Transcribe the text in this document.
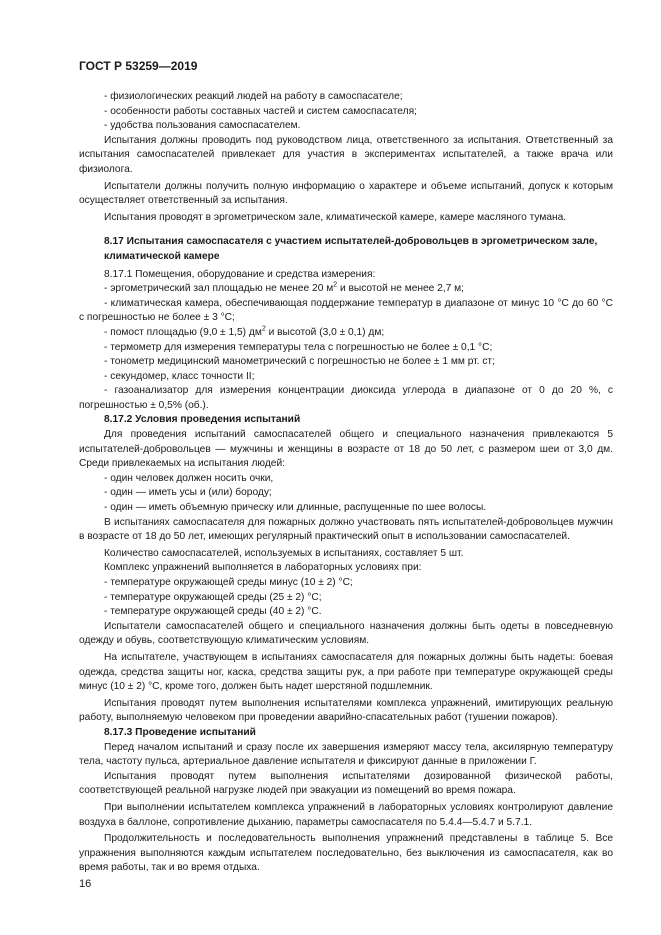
ГОСТ Р 53259—2019

- физиологических реакций людей на работу в самоспасателе;

- особенности работы составных частей и систем самоспасателя;

- удобства пользования самоспасателем.

Испытания должны проводить под руководством лица, ответственного за испытания. Ответственный за испытания самоспасателей привлекает для участия в экспериментах испытателей, а также врача или физиолога.

Испытатели должны получить полную информацию о характере и объеме испытаний, допуск к которым осуществляет ответственный за испытания.

Испытания проводят в эргометрическом зале, климатической камере, камере масляного тумана.

8.17 Испытания самоспасателя с участием испытателей-добровольцев в эргометрическом зале, климатической камере

8.17.1 Помещения, оборудование и средства измерения:

- эргометрический зал площадью не менее 20 $м^2$ и высотой не менее 2,7 м;

- климатическая камера, обеспечивающая поддержание температур в диапазоне от минус 10 °C до 60 °C с погрешностью не более ± 3 °C;

- помост площадью (9,0 ± 1,5) $дм^2$ и высотой (3,0 ± 0,1) дм;

- термометр для измерения температуры тела с погрешностью не более ± 0,1 °C;

- тонометр медицинский манометрический с погрешностью не более ± 1 мм рт. ст;

- секундомер, класс точности II;

- газоанализатор для измерения концентрации диоксида углерода в диапазоне от 0 до 20 %, с погрешностью ± 0,5% (об.).

8.17.2 Условия проведения испытаний

Для проведения испытаний самоспасателей общего и специального назначения привлекаются 5 испытателей-добровольцев — мужчины и женщины в возрасте от 18 до 50 лет, с размером шеи от 3,0 дм. Среди привлекаемых на испытания людей:

- один человек должен носить очки,

- один — иметь усы и (или) бороду;

- один — иметь объемную прическу или длинные, распущенные по шее волосы.

В испытаниях самоспасателя для пожарных должно участвовать пять испытателей-добровольцев мужчин в возрасте от 18 до 50 лет, имеющих регулярный практический опыт в использовании самоспасателей.

Количество самоспасателей, используемых в испытаниях, составляет 5 шт.

Комплекс упражнений выполняется в лабораторных условиях при:

- температуре окружающей среды минус (10 ± 2) °C;

- температуре окружающей среды (25 ± 2) °C;

- температуре окружающей среды (40 ± 2) °C.

Испытатели самоспасателей общего и специального назначения должны быть одеты в повседневную одежду и обувь, соответствующую климатическим условиям.

На испытателе, участвующем в испытаниях самоспасателя для пожарных должны быть надеты: боевая одежда, средства защиты ног, каска, средства защиты рук, а при работе при температуре окружающей среды минус (10 ± 2) °C, кроме того, должен быть надет шерстяной подшлемник.

Испытания проводят путем выполнения испытателями комплекса упражнений, имитирующих реальную работу, выполняемую человеком при проведении аварийно-спасательных работ (тушении пожаров).

8.17.3 Проведение испытаний

Перед началом испытаний и сразу после их завершения измеряют массу тела, аксилярную температуру тела, частоту пульса, артериальное давление испытателя и фиксируют данные в приложении Г.

Испытания проводят путем выполнения испытателями дозированной физической работы, соответствующей реальной нагрузке людей при эвакуации из помещений во время пожара.

При выполнении испытателем комплекса упражнений в лабораторных условиях контролируют давление воздуха в баллоне, сопротивление дыханию, параметры самоспасателя по 5.4.4—5.4.7 и 5.7.1.

Продолжительность и последовательность выполнения упражнений представлены в таблице 5. Все упражнения выполняются каждым испытателем последовательно, без выключения из самоспасателя, как во время работы, так и во время отдыха.

16
